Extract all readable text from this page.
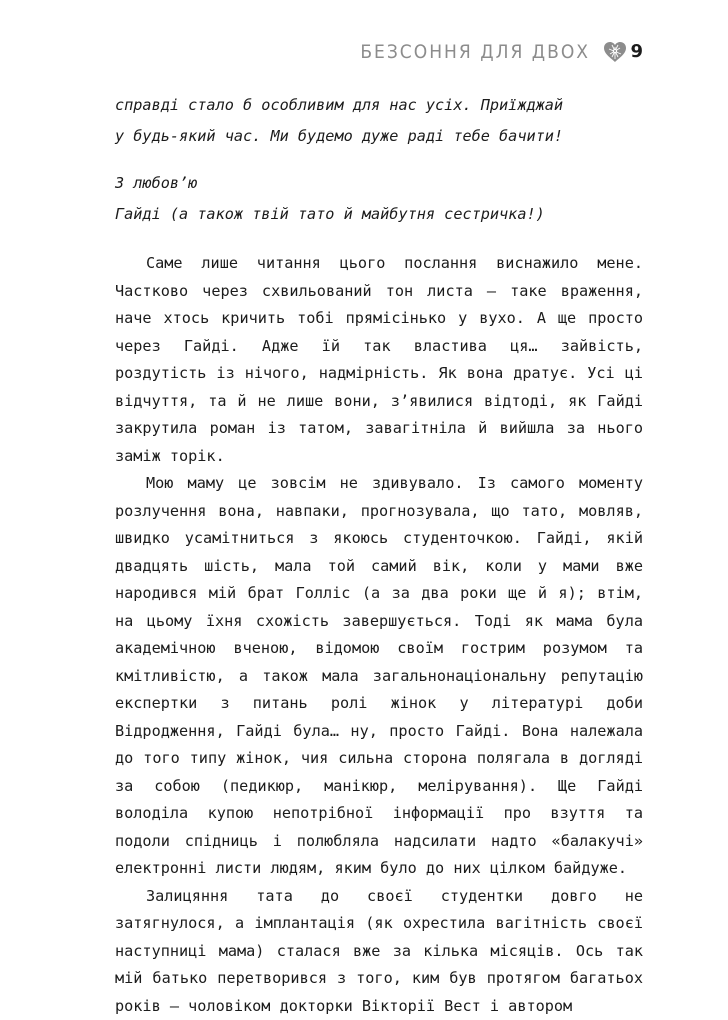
БЕЗСОННЯ ДЛЯ ДВОХ 9

справді стало б особливим для нас усіх. Приїжджай

у будь-який час. Ми будемо дуже раді тебе бачити!

З любов’ю

Гайді (а також твій тато й майбутня сестричка!)

Саме лише читання цього послання виснажило мене. Частково через схвильований тон листа — таке враження, наче хтось кричить тобі прямісінько у вухо. А ще просто через Гайді. Адже їй так властива ця… зайвість, роздутість із нічого, надмірність. Як вона дратує. Усі ці відчуття, та й не лише вони, з’явилися відтоді, як Гайді закрутила роман із татом, завагітніла й вийшла за нього заміж торік.

Мою маму це зовсім не здивувало. Із самого моменту розлучення вона, навпаки, прогнозувала, що тато, мовляв, швидко усамітниться з якоюсь студенточкою. Гайді, якій двадцять шість, мала той самий вік, коли у мами вже народився мій брат Голліс (а за два роки ще й я); втім, на цьому їхня схожість завершується. Тоді як мама була академічною вченою, відомою своїм гострим розумом та кмітливістю, а також мала загальнонаціональну репутацію експертки з питань ролі жінок у літературі доби Відродження, Гайді була… ну, просто Гайді. Вона належала до того типу жінок, чия сильна сторона полягала в догляді за собою (педикюр, манікюр, мелірування). Ще Гайді володіла купою непотрібної інформації про взуття та подоли спідниць і полюбляла надсилати надто «балакучі» електронні листи людям, яким було до них цілком байдуже.

Залицяння тата до своєї студентки довго не затягнулося, а імплантація (як охрестила вагітність своєї наступниці мама) сталася вже за кілька місяців. Ось так мій батько перетворився з того, ким був протягом багатьох років — чоловіком докторки Вікторії Вест і автором
